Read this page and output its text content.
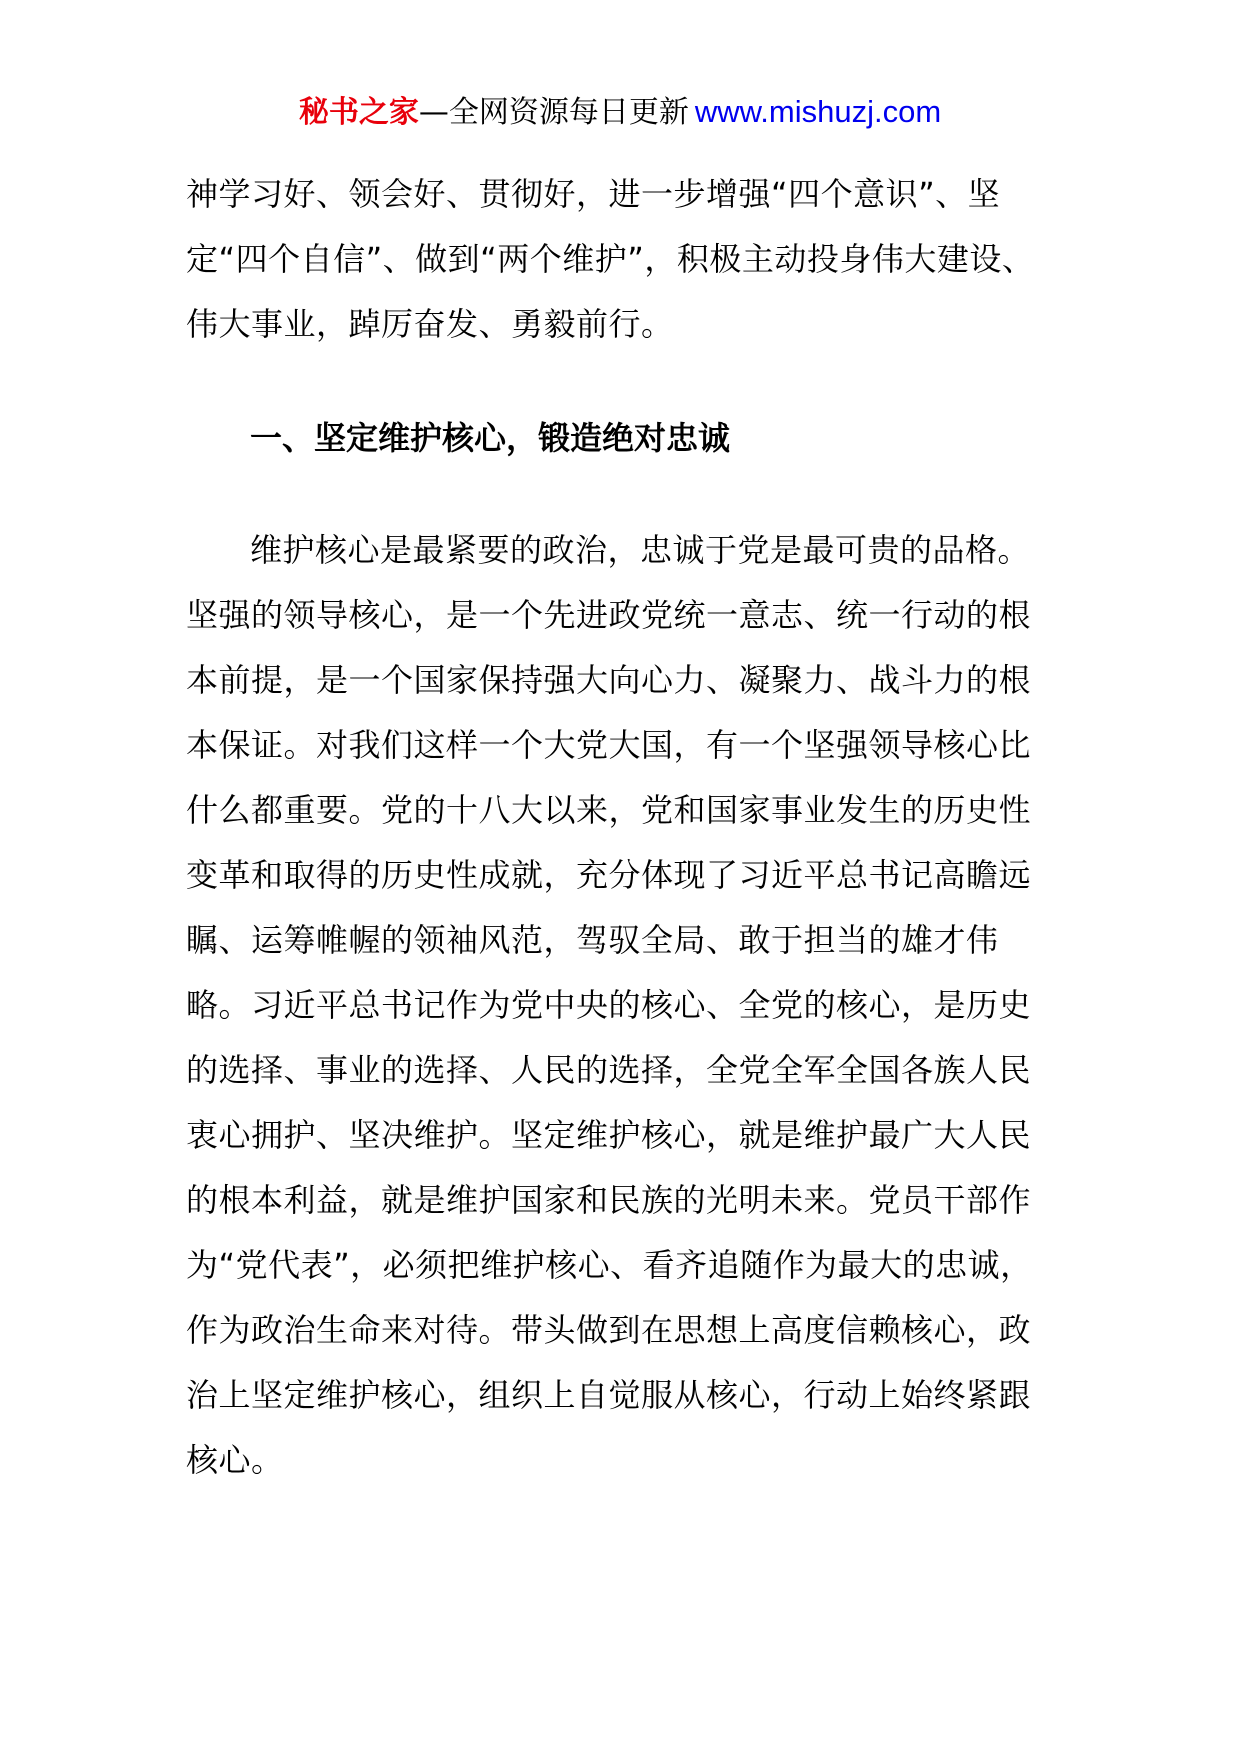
秘书之家—全网资源每日更新 www.mishuzj.com

神学习好、领会好、贯彻好，进一步增强“四个意识”、坚定“四个自信”、做到“两个维护”，积极主动投身伟大建设、伟大事业，踔厉奋发、勇毅前行。

一、坚定维护核心，锻造绝对忠诚

维护核心是最紧要的政治，忠诚于党是最可贵的品格。坚强的领导核心，是一个先进政党统一意志、统一行动的根本前提，是一个国家保持强大向心力、凝聚力、战斗力的根本保证。对我们这样一个大党大国，有一个坚强领导核心比什么都重要。党的十八大以来，党和国家事业发生的历史性变革和取得的历史性成就，充分体现了习近平总书记高瞻远瞩、运筹帷幄的领袖风范，驾驭全局、敢于担当的雄才伟略。习近平总书记作为党中央的核心、全党的核心，是历史的选择、事业的选择、人民的选择，全党全军全国各族人民衷心拥护、坚决维护。坚定维护核心，就是维护最广大人民的根本利益，就是维护国家和民族的光明未来。党员干部作为“党代表”，必须把维护核心、看齐追随作为最大的忠诚，作为政治生命来对待。带头做到在思想上高度信赖核心，政治上坚定维护核心，组织上自觉服从核心，行动上始终紧跟核心。
